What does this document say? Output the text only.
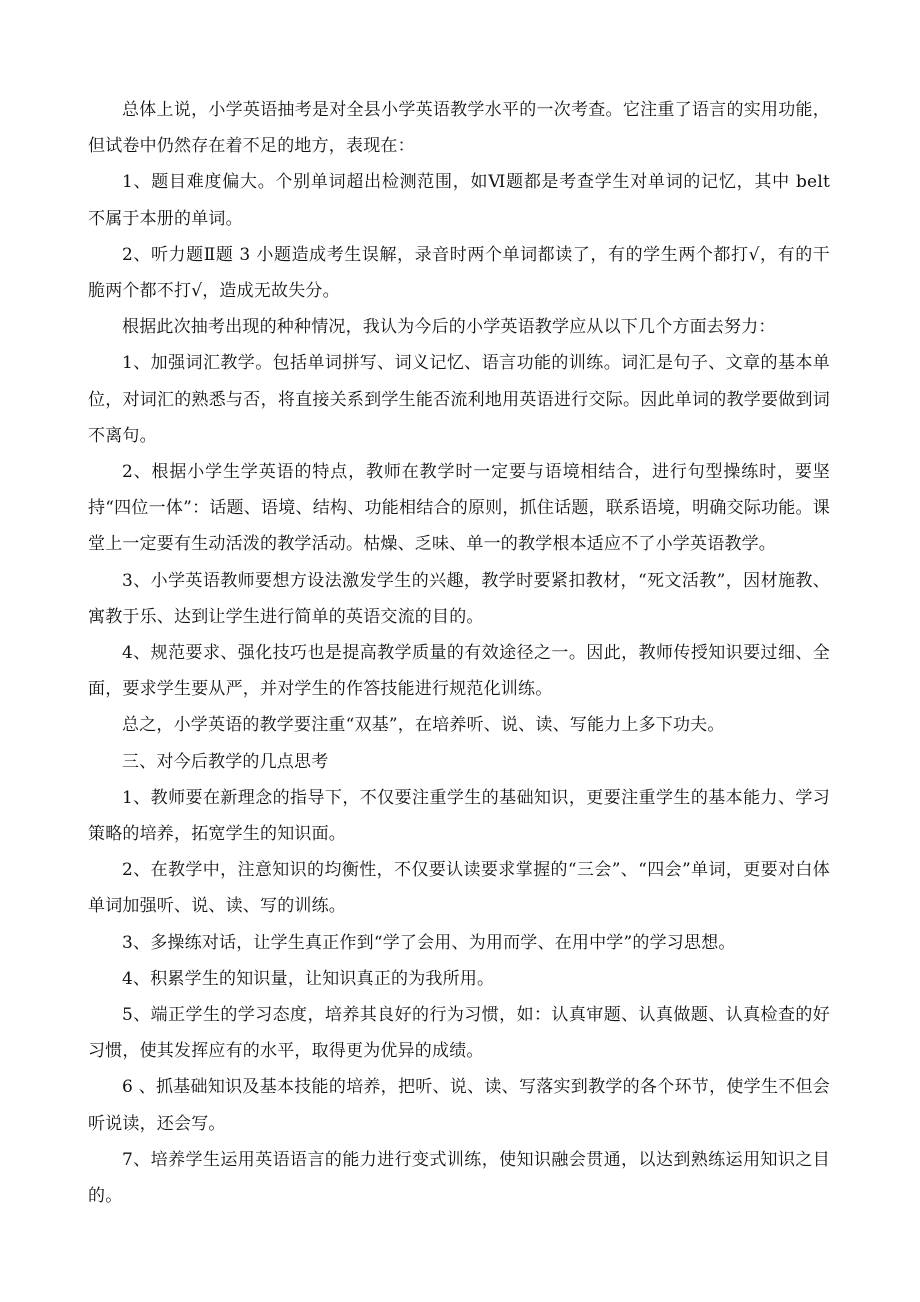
总体上说，小学英语抽考是对全县小学英语教学水平的一次考查。它注重了语言的实用功能，但试卷中仍然存在着不足的地方，表现在：

1、题目难度偏大。个别单词超出检测范围，如Ⅵ题都是考查学生对单词的记忆，其中 belt 不属于本册的单词。

2、听力题Ⅱ题 3 小题造成考生误解，录音时两个单词都读了，有的学生两个都打√，有的干脆两个都不打√，造成无故失分。

根据此次抽考出现的种种情况，我认为今后的小学英语教学应从以下几个方面去努力：

1、加强词汇教学。包括单词拼写、词义记忆、语言功能的训练。词汇是句子、文章的基本单位，对词汇的熟悉与否，将直接关系到学生能否流利地用英语进行交际。因此单词的教学要做到词不离句。

2、根据小学生学英语的特点，教师在教学时一定要与语境相结合，进行句型操练时，要坚持“四位一体”：话题、语境、结构、功能相结合的原则，抓住话题，联系语境，明确交际功能。课堂上一定要有生动活泼的教学活动。枯燥、乏味、单一的教学根本适应不了小学英语教学。

3、小学英语教师要想方设法激发学生的兴趣，教学时要紧扣教材，“死文活教”，因材施教、寓教于乐、达到让学生进行简单的英语交流的目的。

4、规范要求、强化技巧也是提高教学质量的有效途径之一。因此，教师传授知识要过细、全面，要求学生要从严，并对学生的作答技能进行规范化训练。

总之，小学英语的教学要注重“双基”，在培养听、说、读、写能力上多下功夫。

三、对今后教学的几点思考

1、教师要在新理念的指导下，不仅要注重学生的基础知识，更要注重学生的基本能力、学习策略的培养，拓宽学生的知识面。

2、在教学中，注意知识的均衡性，不仅要认读要求掌握的“三会”、“四会”单词，更要对白体单词加强听、说、读、写的训练。

3、多操练对话，让学生真正作到“学了会用、为用而学、在用中学”的学习思想。

4、积累学生的知识量，让知识真正的为我所用。

5、端正学生的学习态度，培养其良好的行为习惯，如：认真审题、认真做题、认真检查的好习惯，使其发挥应有的水平，取得更为优异的成绩。

6 、抓基础知识及基本技能的培养，把听、说、读、写落实到教学的各个环节，使学生不但会听说读，还会写。

7、培养学生运用英语语言的能力进行变式训练，使知识融会贯通，以达到熟练运用知识之目的。
